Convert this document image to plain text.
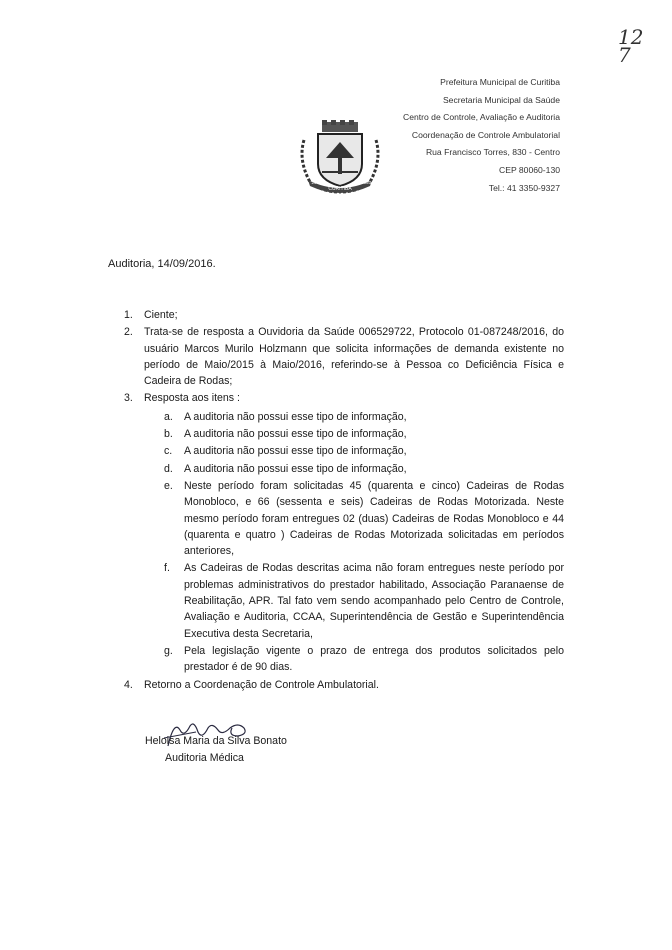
12
7
CURITIBA
29	1693
Prefeitura Municipal de Curitiba
Secretaria Municipal da Saúde
Centro de Controle, Avaliação e Auditoria
Coordenação de Controle Ambulatorial
Rua Francisco Torres, 830 - Centro
CEP 80060-130
Tel.: 41 3350-9327
Auditoria, 14/09/2016.
1. Ciente;
2. Trata-se de resposta a Ouvidoria da Saúde 006529722, Protocolo 01-087248/2016, do usuário Marcos Murilo Holzmann que solicita informações de demanda existente no período de Maio/2015 à Maio/2016, referindo-se à Pessoa co Deficiência Física e Cadeira de Rodas;
3. Resposta aos itens :
a. A auditoria não possui esse tipo de informação,
b. A auditoria não possui esse tipo de informação,
c. A auditoria não possui esse tipo de informação,
d. A auditoria não possui esse tipo de informação,
e. Neste período foram solicitadas 45 (quarenta e cinco) Cadeiras de Rodas Monobloco, e 66 (sessenta e seis) Cadeiras de Rodas Motorizada. Neste mesmo período foram entregues 02 (duas) Cadeiras de Rodas Monobloco e 44 (quarenta e quatro ) Cadeiras de Rodas Motorizada solicitadas em períodos anteriores,
f. As Cadeiras de Rodas descritas acima não foram entregues neste período por problemas administrativos do prestador habilitado, Associação Paranaense de Reabilitação, APR. Tal fato vem sendo acompanhado pelo Centro de Controle, Avaliação e Auditoria, CCAA, Superintendência de Gestão e Superintendência Executiva desta Secretaria,
g. Pela legislação vigente o prazo de entrega dos produtos solicitados pelo prestador é de 90 dias.
4. Retorno a Coordenação de Controle Ambulatorial.
Heloisa Maria da Silva Bonato
Auditoria Médica
